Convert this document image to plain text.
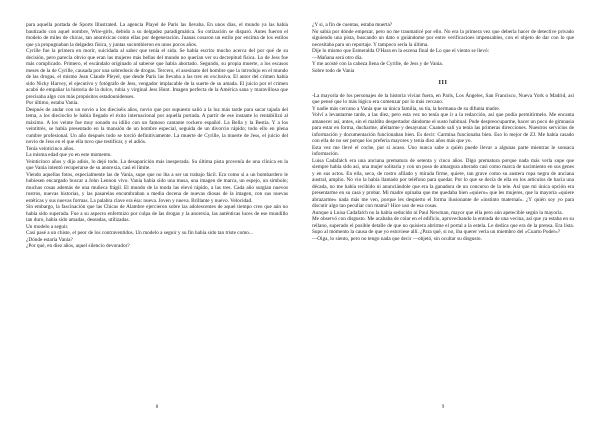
para aquella portada de Sports Illustrated. La agencia Playel de París las llevaba. En unos días, el mundo ya las había bautizado con aquel nombre, Wire-girls, debido a su delgadez paradigmática. Su cotización se disparó. Antes fueron el modelo de miles de chicas, tan anoréxicas como ellas por degeneración. Juanas cosaron un estilo por encima de los estilos que ya propugnaban la delgadez física, y juntas sucumbieron en unos pocos años.

Cyrille fue la primera en morir, suicidada al saber que tenía el sida. Se había escrito mucho acerca del por qué de su decisión, pero parecía obvio que eran las mujeres más bellas del mundo no querían ver su decrepitud física. Lo de Jess fue más complicado. Primero, el escándalo originado al saberse que había abortado. Segundo, su propia muerte, a los escasos meses de la de Cyrille, causada por una sobredosis de drogas. Tercero, el asesinato del hombre que la introdujo en el mundo de las drogas, el mismo Jean Claude Pleyel, que desde París las llevaba a las tres en exclusiva. El autor del crimen había sido Nicky Harvey, el ejecutivo y fotógrafo de Jess, vengador implacable de la suerte de su amada. El juicio por el crimen acabó de empañar la historia de la dulce, rubia y virginal Jess Hunt. Imagen perfecta de la América sana y maravillosa que precisaba algo con más propósitos estadounidenses.

Por último, estaba Vania.

Después de andar con un novio a los dieciséis años, novio que por supuesto salió a la luz más tarde para sacar tajada del tema, a los dieciocho le había llegado el éxito internacional por aquella portada. A partir de ese instante lo rentabilizó al máximo. A los veinte fue muy sonado su idilio con un famoso cantante rockero español. La Bella y la Bestia. Y a los veintitrés, se había presentado en la mansión de un hombre especial, seguida de un divorcio rápido; todo ello en plena cumbre profesional. Un año después todo se torció definitivamente. La muerte de Cyrille, la muerte de Jess, el juicio del novio de Jess en el que ella tuvo que testificar, y el adiós.

Tenía veinticinco años.

La misma edad que yo en este momento.

Veinticinco años y dijo adiós, lo dejó todo. La desaparición más inesperada. Su última pista provenía de una clínica en la que Vania intentó recuperarse de su anorexia, casi el límite.

Viendo aquellas fotos, especialmente las de Vania, supe que no iba a ser un trabajo fácil. Era como si a un bombardero le hubiesen encargado buscar a John Lennon vivo. Vania había sido una musa, una imagen de marca, un espejo, un símbolo; muchas cosas además de una muñeca frágil. El mundo de la moda las elevó rápido, a las tres. Cada año surgían nuevos rostros, nuevas historias, y las pasarelas encumbraban a media docena de nuevas diosas de la imagen, con sus nuevas estéticas y sus nuevas formas. La palabra clave era ésa: nueva. Joven y nueva. Brillante y nuevo. Velocidad.

Sin embargo, la fascinación que las Chicas de Alambre ejercieron sobre las adolescentes de aquel tiempo creo que aún no había sido superada. Fue a su aspecto enfermizo por culpa de las drogas y la anorexia, las auténticas luces de ese mundillo tan duro, había sido amadas, deseadas, utilizadas.

Un modelo a seguir.

Casi pasé a un chiste, el peor de los contraventidos. Un modelo a seguir y su fin había sido tan triste como...

¿Dónde estaría Vania?

¿Por qué, en diez años, aquel silencio devorador?

8

¿Y si, a fin de cuentas, estaba muerta?

No sabía por dónde empezar, pero no me traumaticé por ello. No era la primera vez que debería hacer de detective privado siguiendo una pista, buscando un dato o guiándome por entre verificacioes impensables, con el objeto de dar con lo que necesitaba para un reportaje. Y tampoco sería la última.

Dije lo mismo que Esmeralda O'Hara en la escena final de Lo que el viento se llevó:

—Mañana será otro día.

Y me acosté con la cabeza llena de Cyrille, de Jess y de Vania.

Sobre todo de Vania

III

-La mayoría de los personajes de la historia vivían fuera, en París, Los Ángeles, San Francisco, Nueva York o Madrid, así que pensé que lo más lógico era comenzar por lo más cercano.

Y nadie más cercano a Vania que su única familia, su tía, la hermana de su difunta madre.

Volví a levantarme tarde, a las diez, pero esta vez no tenía que ir a la redacción, así que podía permitírmelo. Me encanta amanecer así, antes, sin el maldito despertador dándome el susto habitual. Pude despreocuparme, hacer un poco de gimnasia para estar en forma, ducharme, afeitarme y desayunar. Cuando salí ya tenía las primeras direcciones. Nuestros servicios de información y documentación funcionaban bien. Es decir: Carmina funcionaba bien. Eso lo mejor de ZJ. Me había casado con ella de no ser porque los prefería mayores y tenía diez años más que yo.

Esta vez me llevé el coche, por si acaso. Uno nunca sabe a quién puede llevar a algunas parte mientras le sonsaca información.

Luisa Cadafalch era una anciana prematura de setenta y cinco años. Digo prematura porque nada más verla supe que siempre había sido así, una mujer solitaria y con un poso de amargura alterado casi como marca de nacimiento en sus genes y en sus actos. En ella, seca, de rostro afilado y mirada firme, quiere, tan grave como su austera ropa negra de anciana austral, amplio. No vio la había llamado por teléfono para quedar. Por lo que se decía de ella en los artículos de hacía una década, no me había recibido ni anunciándole que era la ganadora de un concurso de la tele. Así que mi única opción era presentarme en su casa y probar. Mi madre opinaba que me quedaba bien «quiero» que les mujeres, que la mayoría «quiere abrazarme» nada más me ven, porque les despierto el forma ilusionante de «instinto maternal». ¿Y quién soy yo para discutir algo tan peculiar con mamá? Hice uso de esa cosas.

Aunque a Luisa Cadafalch no la había seducido ni Paul Newman, mayor que ella pero aún apetecible según la mayoría.

Me observó con disgusto. Me acababa de colar en el edificio, aprovechando la entrada de una vecina, así que ya estaba en su rellano, superado el posible detalle de que no quisiera abrirme el portal a la estela. Le dedica que era de la prensa. Era lista. Supo al momento la causa de que yo estuviese allí. ¿Para qué, si no, iba querer verla un miembro del «Cuarto Poder»?

—Oiga, lo siento, pero no tengo nada que decir —objetó, sin ocultar su disgusto.

9
